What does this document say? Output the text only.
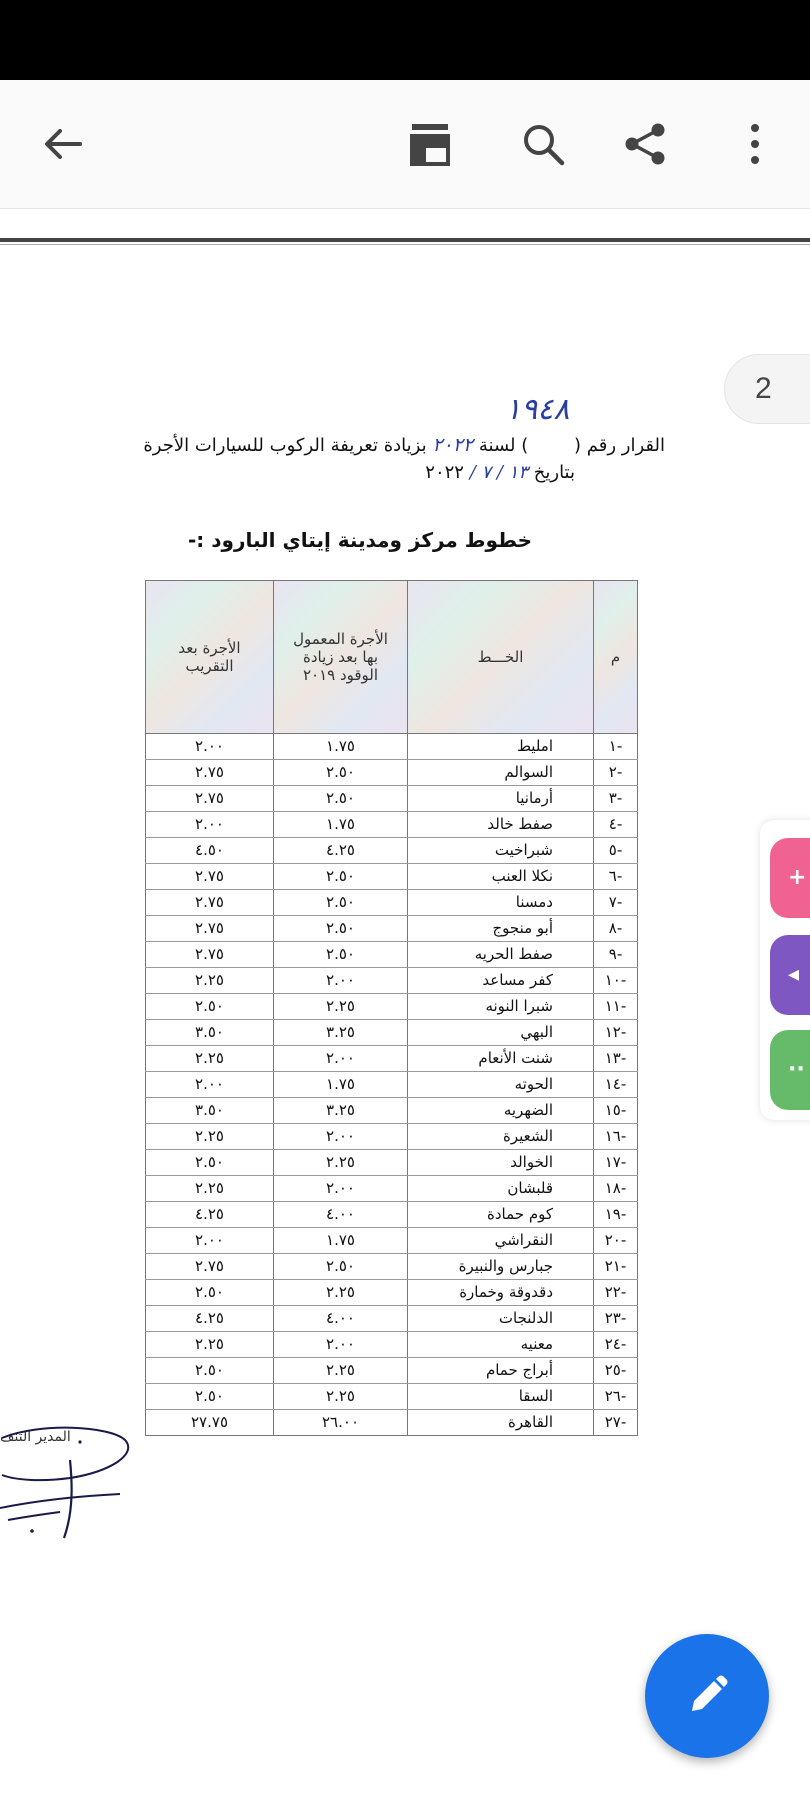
2
+
◂
··
١٩٤٨
القرار رقم (        ) لسنة ٢٠٢٢ بزيادة تعريفة الركوب للسيارات الأجرة
بتاريخ ١٣ / ٧ / ٢٠٢٢
خطوط مركز ومدينة إيتاي البارود :-
م	الخـــط	الأجرة المعمول بها بعد زيادة الوقود ٢٠١٩	الأجرة بعد التقريب
-١	امليط	١.٧٥	٢.٠٠
-٢	السوالم	٢.٥٠	٢.٧٥
-٣	أرمانيا	٢.٥٠	٢.٧٥
-٤	صفط خالد	١.٧٥	٢.٠٠
-٥	شبراخيت	٤.٢٥	٤.٥٠
-٦	نكلا العنب	٢.٥٠	٢.٧٥
-٧	دمسنا	٢.٥٠	٢.٧٥
-٨	أبو منجوج	٢.٥٠	٢.٧٥
-٩	صفط الحريه	٢.٥٠	٢.٧٥
-١٠	كفر مساعد	٢.٠٠	٢.٢٥
-١١	شبرا النونه	٢.٢٥	٢.٥٠
-١٢	البهي	٣.٢٥	٣.٥٠
-١٣	شنت الأنعام	٢.٠٠	٢.٢٥
-١٤	الحوته	١.٧٥	٢.٠٠
-١٥	الضهريه	٣.٢٥	٣.٥٠
-١٦	الشعيرة	٢.٠٠	٢.٢٥
-١٧	الخوالد	٢.٢٥	٢.٥٠
-١٨	قلبشان	٢.٠٠	٢.٢٥
-١٩	كوم حمادة	٤.٠٠	٤.٢٥
-٢٠	النقراشي	١.٧٥	٢.٠٠
-٢١	جبارس والنبيرة	٢.٥٠	٢.٧٥
-٢٢	دقدوقة وخمارة	٢.٢٥	٢.٥٠
-٢٣	الدلنجات	٤.٠٠	٤.٢٥
-٢٤	معنيه	٢.٠٠	٢.٢٥
-٢٥	أبراج حمام	٢.٢٥	٢.٥٠
-٢٦	السقا	٢.٢٥	٢.٥٠
-٢٧	القاهرة	٢٦.٠٠	٢٧.٧٥
المدير التنف
